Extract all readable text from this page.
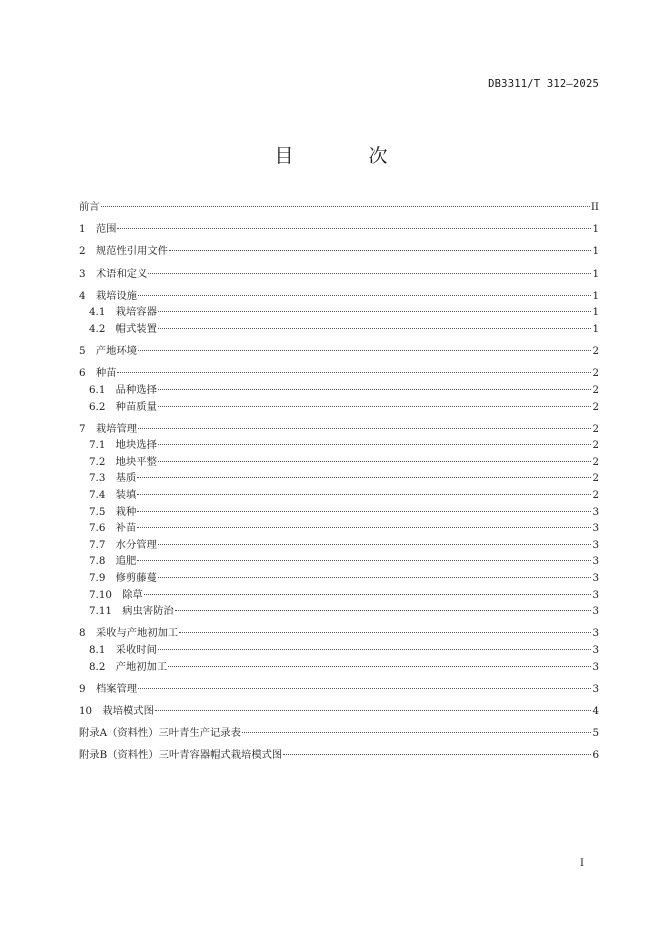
DB3311/T 312—2025
目　次
前言	II
1　范围	1
2　规范性引用文件	1
3　术语和定义	1
4　栽培设施	1
4.1　栽培容器	1
4.2　帽式装置	1
5　产地环境	2
6　种苗	2
6.1　品种选择	2
6.2　种苗质量	2
7　栽培管理	2
7.1　地块选择	2
7.2　地块平整	2
7.3　基质	2
7.4　装填	2
7.5　栽种	3
7.6　补苗	3
7.7　水分管理	3
7.8　追肥	3
7.9　修剪藤蔓	3
7.10　除草	3
7.11　病虫害防治	3
8　采收与产地初加工	3
8.1　采收时间	3
8.2　产地初加工	3
9　档案管理	3
10　栽培模式图	4
附录A（资料性）三叶青生产记录表	5
附录B（资料性）三叶青容器帽式栽培模式图	6
I
